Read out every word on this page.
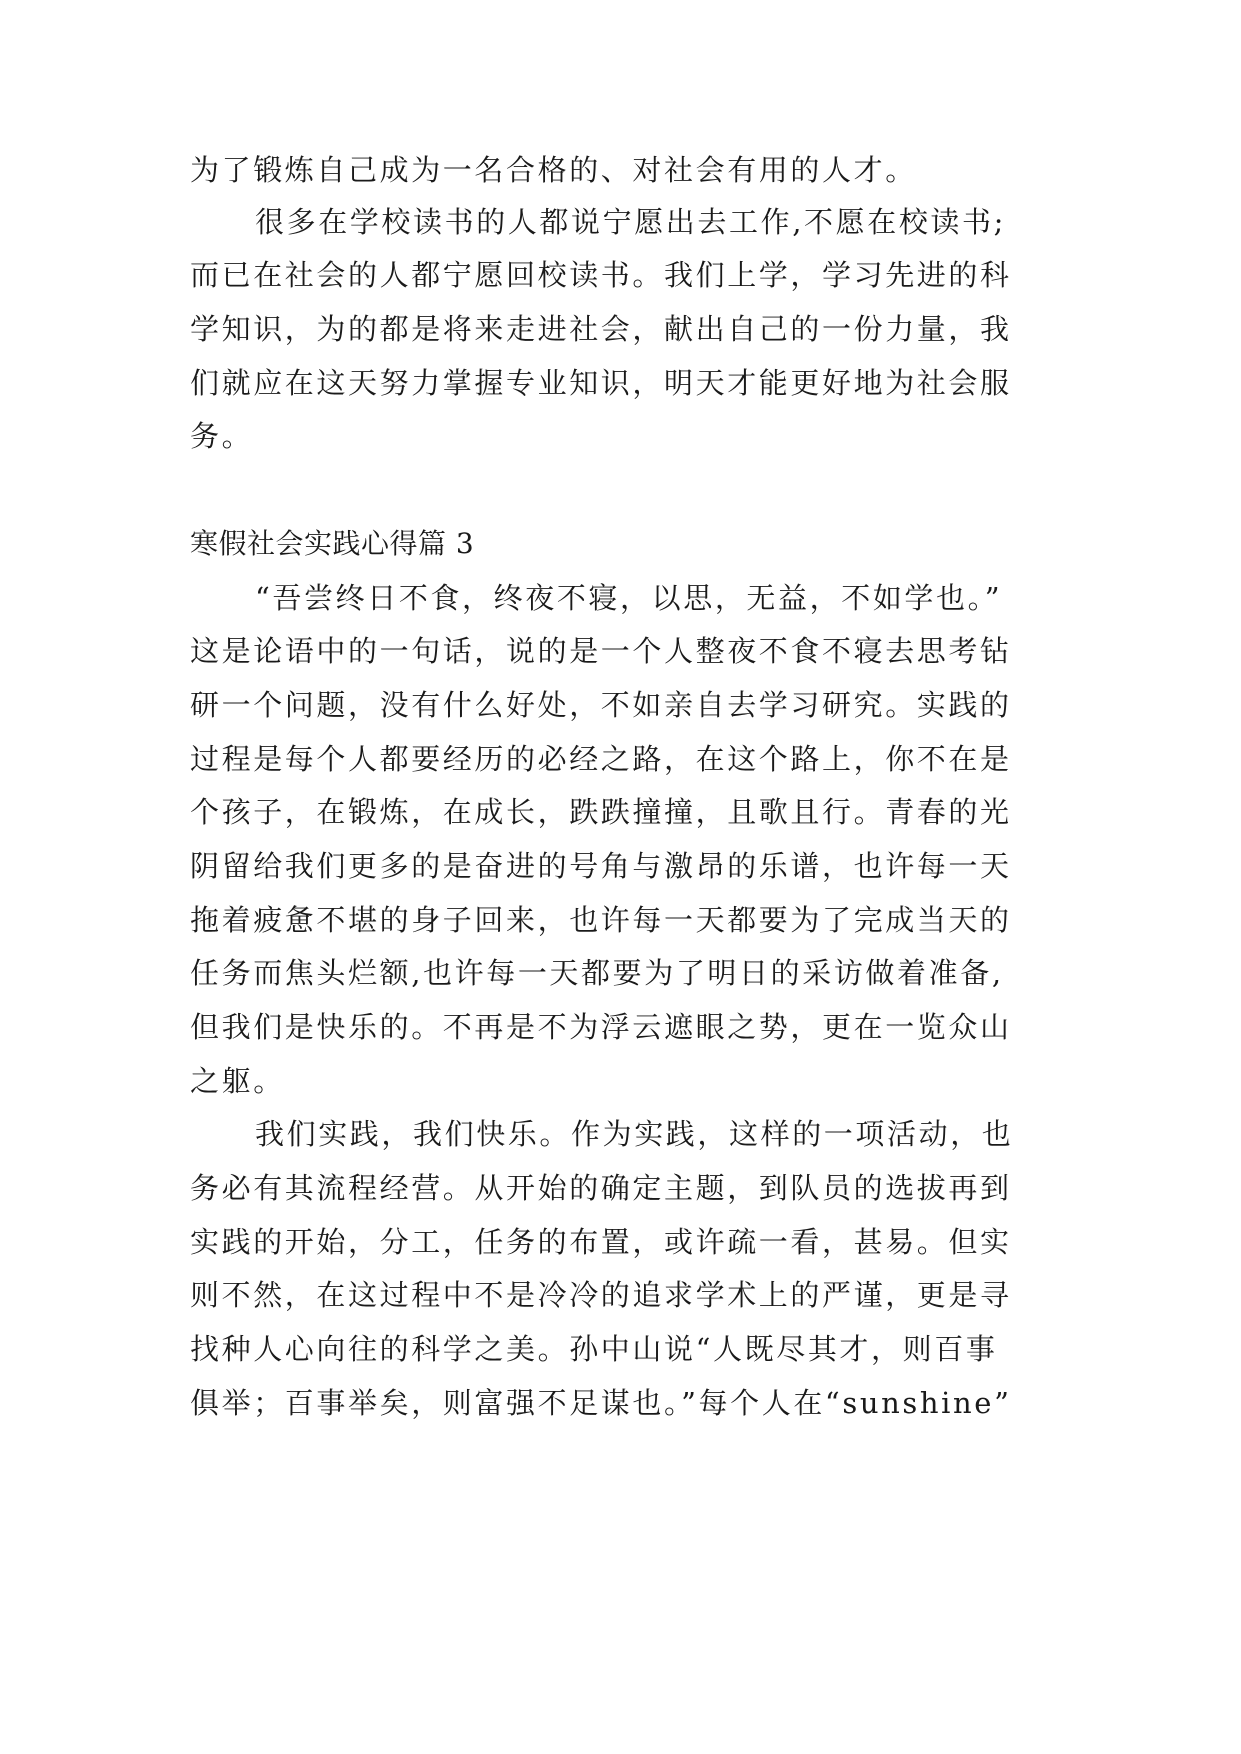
为了锻炼自己成为一名合格的、对社会有用的人才。
很多在学校读书的人都说宁愿出去工作,不愿在校读书;
而已在社会的人都宁愿回校读书。我们上学，学习先进的科
学知识，为的都是将来走进社会，献出自己的一份力量，我
们就应在这天努力掌握专业知识，明天才能更好地为社会服
务。
寒假社会实践心得篇 3
“吾尝终日不食，终夜不寝，以思，无益，不如学也。”
这是论语中的一句话，说的是一个人整夜不食不寝去思考钻
研一个问题，没有什么好处，不如亲自去学习研究。实践的
过程是每个人都要经历的必经之路，在这个路上，你不在是
个孩子，在锻炼，在成长，跌跌撞撞，且歌且行。青春的光
阴留给我们更多的是奋进的号角与激昂的乐谱，也许每一天
拖着疲惫不堪的身子回来，也许每一天都要为了完成当天的
任务而焦头烂额,也许每一天都要为了明日的采访做着准备,
但我们是快乐的。不再是不为浮云遮眼之势，更在一览众山
之躯。
我们实践，我们快乐。作为实践，这样的一项活动，也
务必有其流程经营。从开始的确定主题，到队员的选拔再到
实践的开始，分工，任务的布置，或许疏一看，甚易。但实
则不然，在这过程中不是冷冷的追求学术上的严谨，更是寻
找种人心向往的科学之美。孙中山说“人既尽其才，则百事
俱举；百事举矣，则富强不足谋也。”每个人在“sunshine”
